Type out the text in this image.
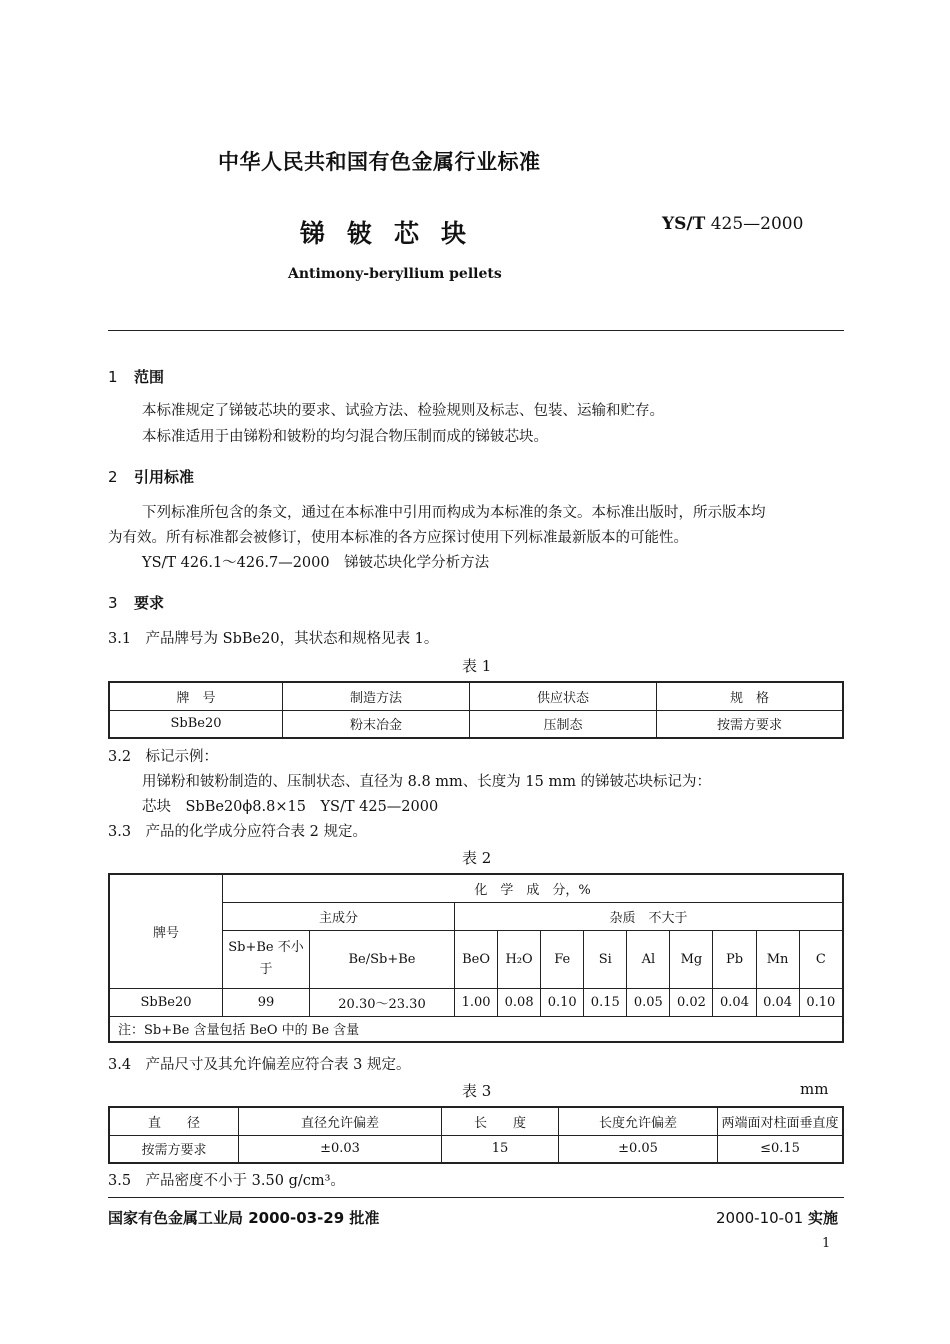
中华人民共和国有色金属行业标准
锑铍芯块	YS/T 425—2000
Antimony-beryllium pellets
1 范围
本标准规定了锑铍芯块的要求、试验方法、检验规则及标志、包装、运输和贮存。
本标准适用于由锑粉和铍粉的均匀混合物压制而成的锑铍芯块。
2 引用标准
下列标准所包含的条文，通过在本标准中引用而构成为本标准的条文。本标准出版时，所示版本均
为有效。所有标准都会被修订，使用本标准的各方应探讨使用下列标准最新版本的可能性。
YS/T 426.1～426.7—2000　锑铍芯块化学分析方法
3 要求
3.1　产品牌号为 SbBe20，其状态和规格见表 1。
表 1
牌　号	制造方法	供应状态	规　格
SbBe20	粉末冶金	压制态	按需方要求
3.2　标记示例：
用锑粉和铍粉制造的、压制状态、直径为 8.8 mm、长度为 15 mm 的锑铍芯块标记为：
芯块　SbBe20ϕ8.8×15　YS/T 425—2000
3.3　产品的化学成分应符合表 2 规定。
表 2
牌号	化　学　成　分，%										
	主成分		杂质　不大于								
	Sb+Be 不小于	Be/Sb+Be	BeO	H₂O	Fe	Si	Al	Mg	Pb	Mn	C
SbBe20	99	20.30～23.30	1.00	0.08	0.10	0.15	0.05	0.02	0.04	0.04	0.10
注：Sb+Be 含量包括 BeO 中的 Be 含量											
3.4　产品尺寸及其允许偏差应符合表 3 规定。
表 3	mm
直　　径	直径允许偏差	长　　度	长度允许偏差	两端面对柱面垂直度
按需方要求	±0.03	15	±0.05	≤0.15
3.5　产品密度不小于 3.50 g/cm³。
国家有色金属工业局 2000-03-29 批准	2000-10-01 实施
1
